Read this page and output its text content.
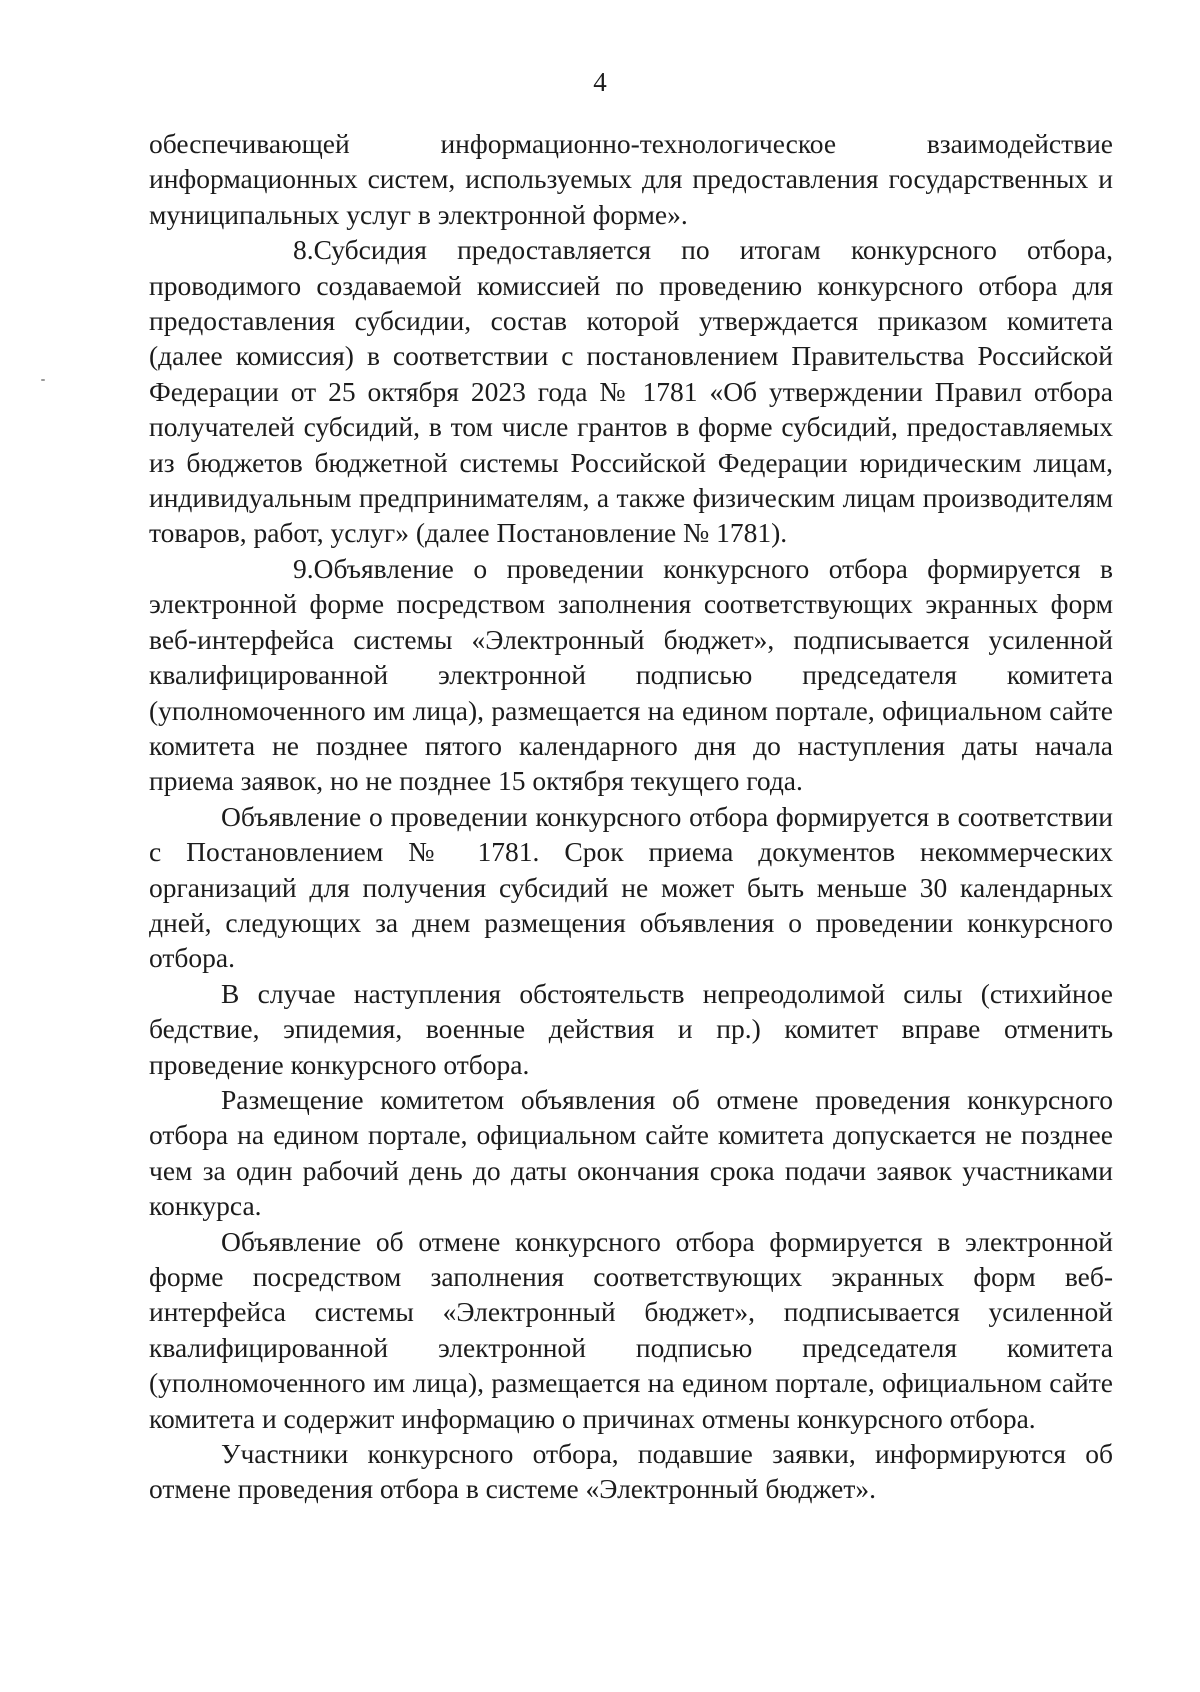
4

обеспечивающей информационно-технологическое взаимодействие информационных систем, используемых для предоставления государственных и муниципальных услуг в электронной форме».

8.Субсидия предоставляется по итогам конкурсного отбора, проводимого создаваемой комиссией по проведению конкурсного отбора для предоставления субсидии, состав которой утверждается приказом комитета (далее комиссия) в соответствии с постановлением Правительства Российской Федерации от 25 октября 2023 года № 1781 «Об утверждении Правил отбора получателей субсидий, в том числе грантов в форме субсидий, предоставляемых из бюджетов бюджетной системы Российской Федерации юридическим лицам, индивидуальным предпринимателям, а также физическим лицам производителям товаров, работ, услуг» (далее Постановление № 1781).

9.Объявление о проведении конкурсного отбора формируется в электронной форме посредством заполнения соответствующих экранных форм веб-интерфейса системы «Электронный бюджет», подписывается усиленной квалифицированной электронной подписью председателя комитета (уполномоченного им лица), размещается на едином портале, официальном сайте комитета не позднее пятого календарного дня до наступления даты начала приема заявок, но не позднее 15 октября текущего года.

Объявление о проведении конкурсного отбора формируется в соответствии с Постановлением № 1781. Срок приема документов некоммерческих организаций для получения субсидий не может быть меньше 30 календарных дней, следующих за днем размещения объявления о проведении конкурсного отбора.

В случае наступления обстоятельств непреодолимой силы (стихийное бедствие, эпидемия, военные действия и пр.) комитет вправе отменить проведение конкурсного отбора.

Размещение комитетом объявления об отмене проведения конкурсного отбора на едином портале, официальном сайте комитета допускается не позднее чем за один рабочий день до даты окончания срока подачи заявок участниками конкурса.

Объявление об отмене конкурсного отбора формируется в электронной форме посредством заполнения соответствующих экранных форм веб-интерфейса системы «Электронный бюджет», подписывается усиленной квалифицированной электронной подписью председателя комитета (уполномоченного им лица), размещается на едином портале, официальном сайте комитета и содержит информацию о причинах отмены конкурсного отбора.

Участники конкурсного отбора, подавшие заявки, информируются об отмене проведения отбора в системе «Электронный бюджет».
